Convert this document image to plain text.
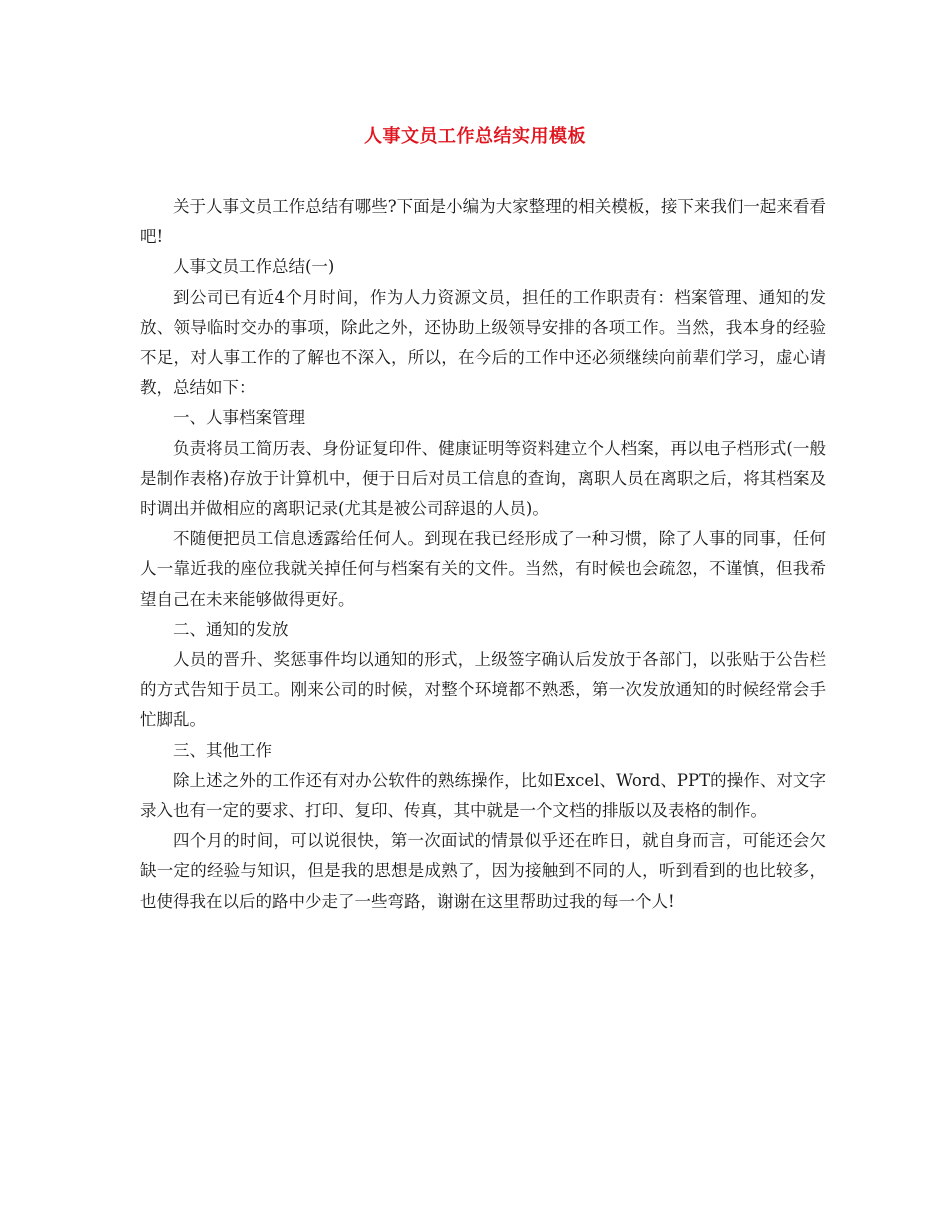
人事文员工作总结实用模板

关于人事文员工作总结有哪些?下面是小编为大家整理的相关模板，接下来我们一起来看看吧!

人事文员工作总结(一)

到公司已有近4个月时间，作为人力资源文员，担任的工作职责有：档案管理、通知的发放、领导临时交办的事项，除此之外，还协助上级领导安排的各项工作。当然，我本身的经验不足，对人事工作的了解也不深入，所以，在今后的工作中还必须继续向前辈们学习，虚心请教，总结如下：

一、人事档案管理

负责将员工简历表、身份证复印件、健康证明等资料建立个人档案，再以电子档形式(一般是制作表格)存放于计算机中，便于日后对员工信息的查询，离职人员在离职之后，将其档案及时调出并做相应的离职记录(尤其是被公司辞退的人员)。

不随便把员工信息透露给任何人。到现在我已经形成了一种习惯，除了人事的同事，任何人一靠近我的座位我就关掉任何与档案有关的文件。当然，有时候也会疏忽，不谨慎，但我希望自己在未来能够做得更好。

二、通知的发放

人员的晋升、奖惩事件均以通知的形式，上级签字确认后发放于各部门，以张贴于公告栏的方式告知于员工。刚来公司的时候，对整个环境都不熟悉，第一次发放通知的时候经常会手忙脚乱。

三、其他工作

除上述之外的工作还有对办公软件的熟练操作，比如Excel、Word、PPT的操作、对文字录入也有一定的要求、打印、复印、传真，其中就是一个文档的排版以及表格的制作。

四个月的时间，可以说很快，第一次面试的情景似乎还在昨日，就自身而言，可能还会欠缺一定的经验与知识，但是我的思想是成熟了，因为接触到不同的人，听到看到的也比较多，也使得我在以后的路中少走了一些弯路，谢谢在这里帮助过我的每一个人!
